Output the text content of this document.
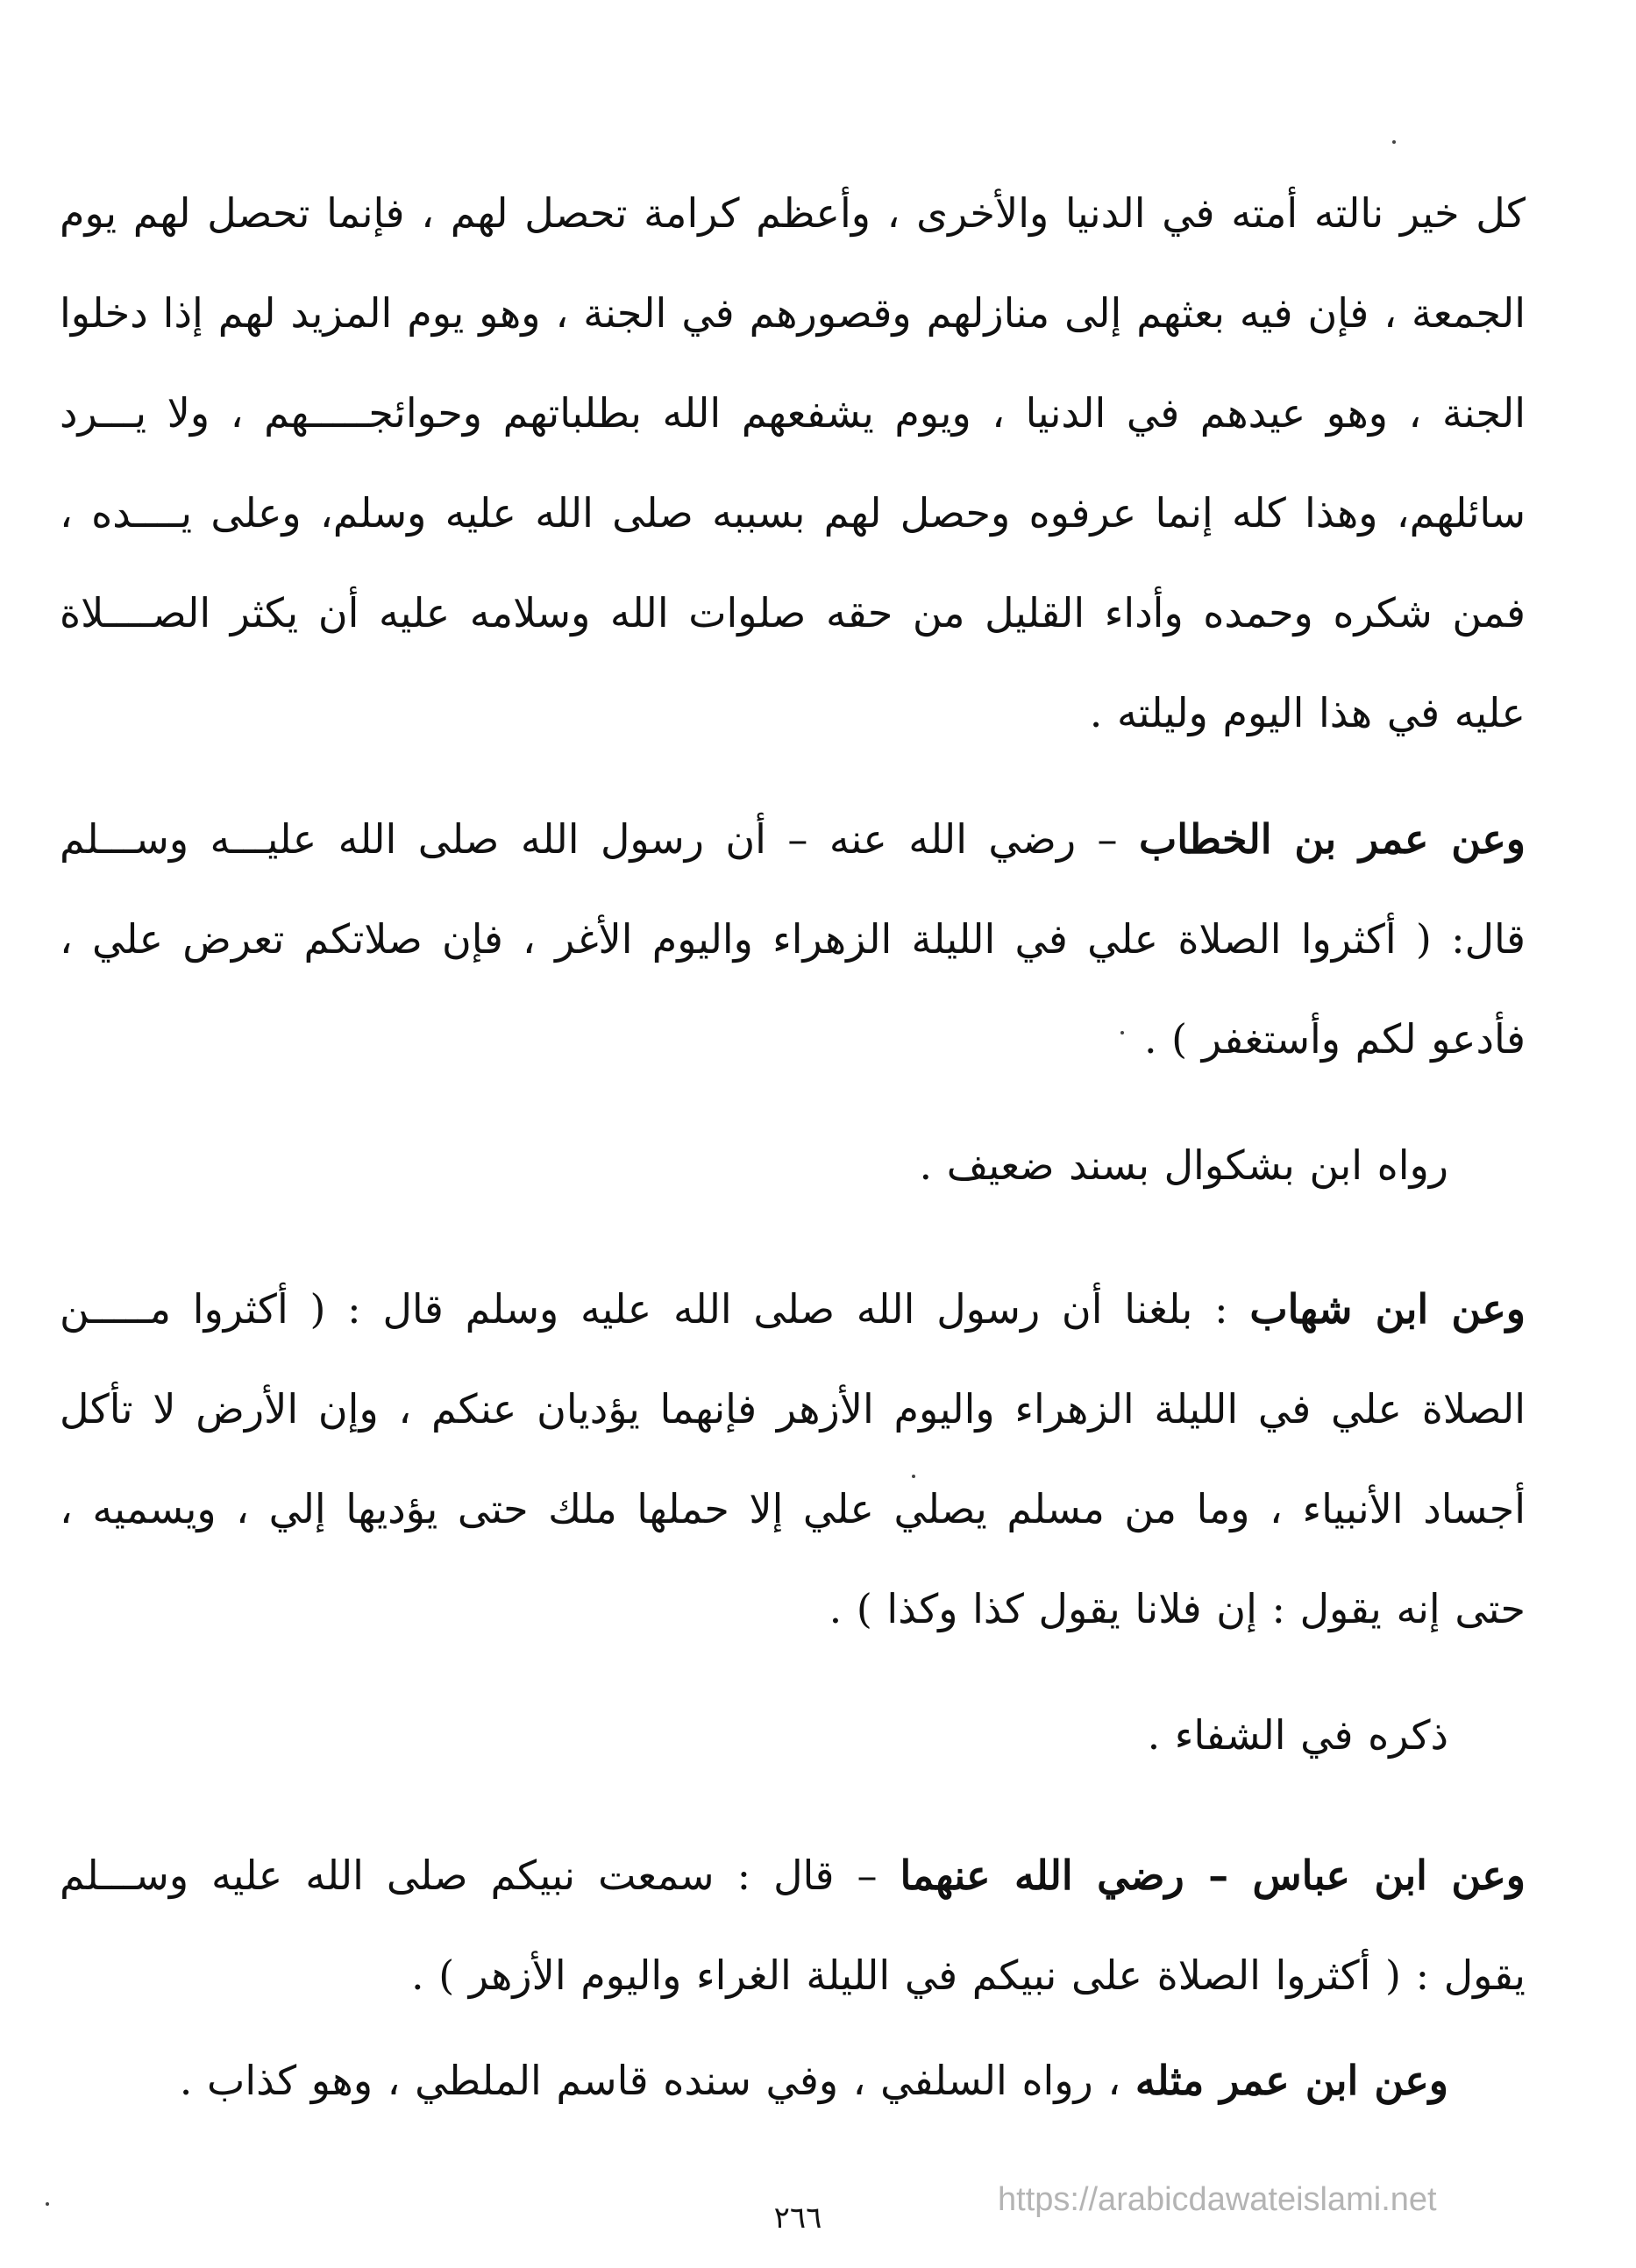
كل خير نالته أمته في الدنيا والأخرى ، وأعظم كرامة تحصل لهم ، فإنما تحصل لهم يوم
الجمعة ، فإن فيه بعثهم إلى منازلهم وقصورهم في الجنة ، وهو يوم المزيد لهم إذا دخلوا
الجنة ، وهو عيدهم في الدنيا ، ويوم يشفعهم الله بطلباتهم وحوائجـــــهم ، ولا يـــرد
سائلهم، وهذا كله إنما عرفوه وحصل لهم بسببه صلى الله عليه وسلم، وعلى يــــده ،
فمن شكره وحمده وأداء القليل من حقه صلوات الله وسلامه عليه أن يكثر الصــــلاة
عليه في هذا اليوم وليلته .
وعن عمر بن الخطاب – رضي الله عنه – أن رسول الله صلى الله عليـــه وســـلم
قال: ( أكثروا الصلاة علي في الليلة الزهراء واليوم الأغر ، فإن صلاتكم تعرض علي ،
فأدعو لكم وأستغفر ) .
رواه ابن بشكوال بسند ضعيف .
وعن ابن شهاب : بلغنا أن رسول الله صلى الله عليه وسلم قال : ( أكثروا مـــــن
الصلاة علي في الليلة الزهراء واليوم الأزهر فإنهما يؤديان عنكم ، وإن الأرض لا تأكل
أجساد الأنبياء ، وما من مسلم يصلي علي إلا حملها ملك حتى يؤديها إلي ، ويسميه ،
حتى إنه يقول : إن فلانا يقول كذا وكذا ) .
ذكره في الشفاء .
وعن ابن عباس – رضي الله عنهما – قال : سمعت نبيكم صلى الله عليه وســـلم
يقول : ( أكثروا الصلاة على نبيكم في الليلة الغراء واليوم الأزهر ) .
وعن ابن عمر مثله ، رواه السلفي ، وفي سنده قاسم الملطي ، وهو كذاب .
https://arabicdawateislami.net
٢٦٦
